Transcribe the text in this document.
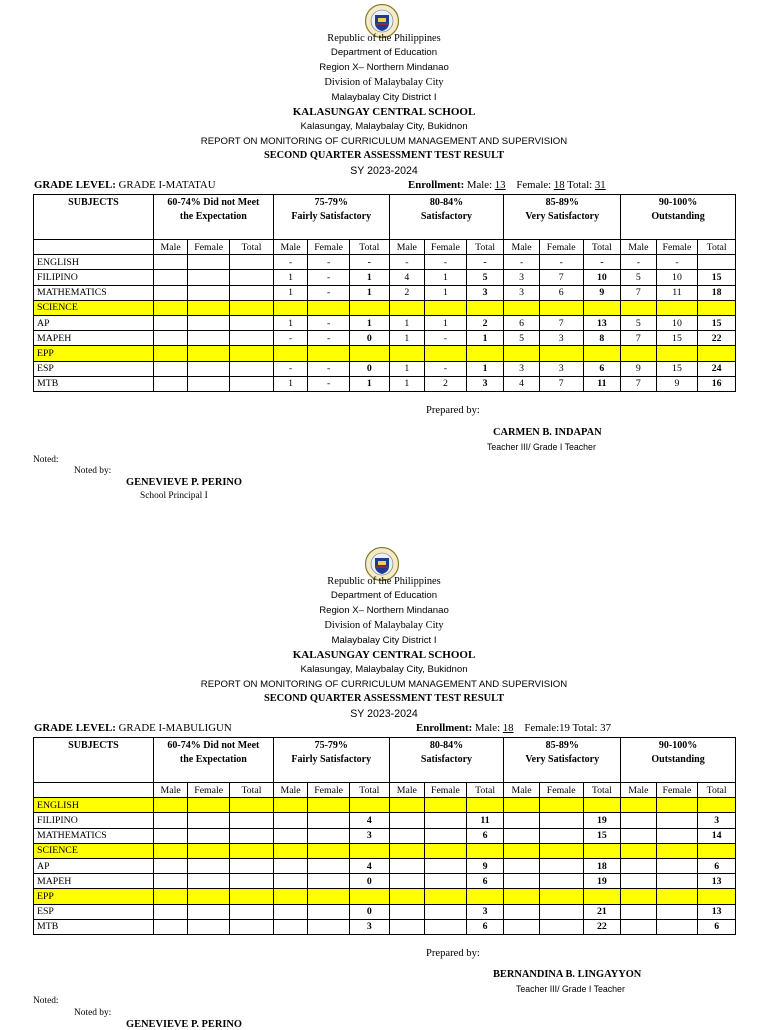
Republic of the Philippines
Department of Education
Region X– Northern Mindanao
Division of Malaybalay City
Malaybalay City District I
KALASUNGAY CENTRAL SCHOOL
Kalasungay, Malaybalay City, Bukidnon
REPORT ON MONITORING OF CURRICULUM MANAGEMENT AND SUPERVISION
SECOND QUARTER ASSESSMENT TEST RESULT
SY 2023-2024
GRADE LEVEL: GRADE I-MATATAU	Enrollment: Male: 13 Female: 18 Total: 31
SUBJECTS	60-74% Did not Meet
the Expectation			75-79%
Fairly Satisfactory			80-84%
Satisfactory			85-89%
Very Satisfactory			90-100%
Outstanding		
	Male	Female	Total	Male	Female	Total	Male	Female	Total	Male	Female	Total	Male	Female	Total
ENGLISH				-	-	-	-	-	-	-	-	-	-	-	
FILIPINO				1	-	1	4	1	5	3	7	10	5	10	15
MATHEMATICS				1	-	1	2	1	3	3	6	9	7	11	18
SCIENCE															
AP				1	-	1	1	1	2	6	7	13	5	10	15
MAPEH				-	-	0	1	-	1	5	3	8	7	15	22
EPP															
ESP				-	-	0	1	-	1	3	3	6	9	15	24
MTB				1	-	1	1	2	3	4	7	11	7	9	16
Prepared by:
CARMEN B. INDAPAN
Teacher III/ Grade I Teacher
Noted:
Noted by:
GENEVIEVE P. PERINO
School Principal I
Republic of the Philippines
Department of Education
Region X– Northern Mindanao
Division of Malaybalay City
Malaybalay City District I
KALASUNGAY CENTRAL SCHOOL
Kalasungay, Malaybalay City, Bukidnon
REPORT ON MONITORING OF CURRICULUM MANAGEMENT AND SUPERVISION
SECOND QUARTER ASSESSMENT TEST RESULT
SY 2023-2024
GRADE LEVEL: GRADE I-MABULIGUN	Enrollment: Male: 18 Female:19 Total: 37
SUBJECTS	60-74% Did not Meet
the Expectation			75-79%
Fairly Satisfactory			80-84%
Satisfactory			85-89%
Very Satisfactory			90-100%
Outstanding		
	Male	Female	Total	Male	Female	Total	Male	Female	Total	Male	Female	Total	Male	Female	Total
ENGLISH															
FILIPINO						4			11			19			3
MATHEMATICS						3			6			15			14
SCIENCE															
AP						4			9			18			6
MAPEH						0			6			19			13
EPP															
ESP						0			3			21			13
MTB						3			6			22			6
Prepared by:
BERNANDINA B. LINGAYYON
Teacher III/ Grade I Teacher
Noted:
Noted by:
GENEVIEVE P. PERINO
